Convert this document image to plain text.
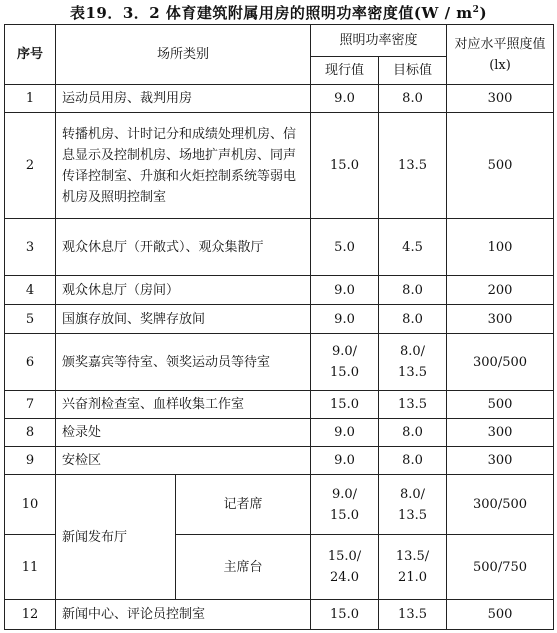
表19．3．2 体育建筑附属用房的照明功率密度值$(W / m^2)$
序号	场所类别		照明功率密度		对应水平照度值
(lx)
			现行值	目标值	
1	运动员用房、裁判用房		9.0	8.0	300
2	转播机房、计时记分和成绩处理机房、信息显示及控制机房、场地扩声机房、同声传译控制室、升旗和火炬控制系统等弱电机房及照明控制室		15.0	13.5	500
3	观众休息厅（开敞式）、观众集散厅		5.0	4.5	100
4	观众休息厅（房间）		9.0	8.0	200
5	国旗存放间、奖牌存放间		9.0	8.0	300
6	颁奖嘉宾等待室、领奖运动员等待室		9.0/ 15.0	8.0/ 13.5	300/500
7	兴奋剂检查室、血样收集工作室		15.0	13.5	500
8	检录处		9.0	8.0	300
9	安检区		9.0	8.0	300
10	新闻发布厅	记者席	9.0/ 15.0	8.0/ 13.5	300/500
11		主席台	15.0/ 24.0	13.5/ 21.0	500/750
12	新闻中心、评论员控制室		15.0	13.5	500
